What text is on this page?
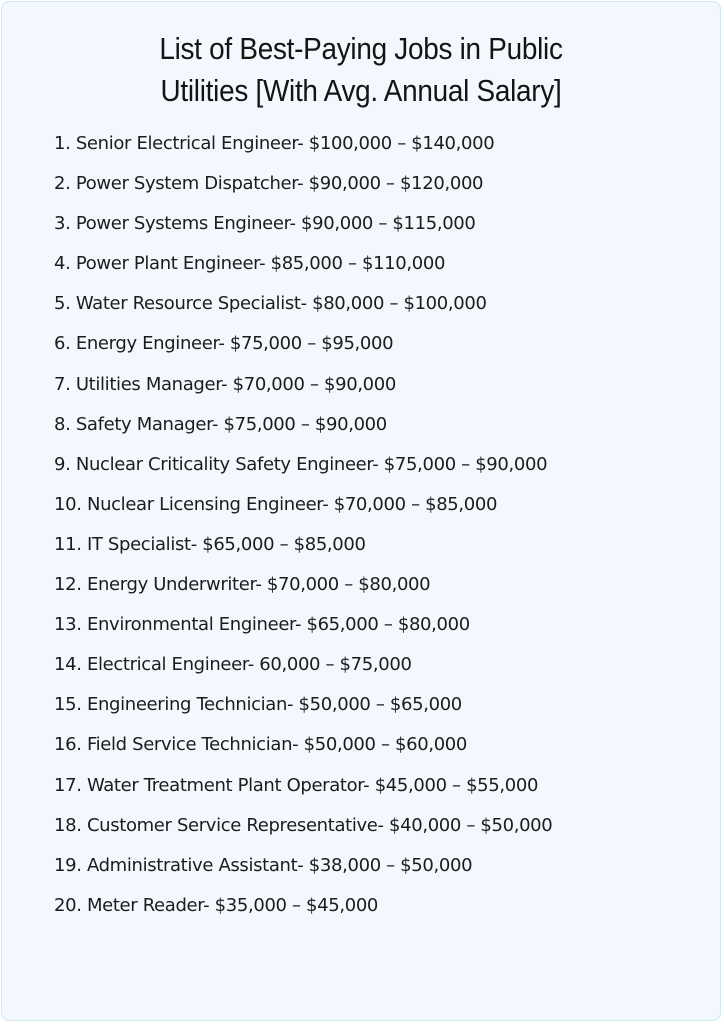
List of Best-Paying Jobs in Public
Utilities [With Avg. Annual Salary]
1. Senior Electrical Engineer- $100,000 – $140,000
2. Power System Dispatcher- $90,000 – $120,000
3. Power Systems Engineer- $90,000 – $115,000
4. Power Plant Engineer- $85,000 – $110,000
5. Water Resource Specialist- $80,000 – $100,000
6. Energy Engineer- $75,000 – $95,000
7. Utilities Manager- $70,000 – $90,000
8. Safety Manager- $75,000 – $90,000
9. Nuclear Criticality Safety Engineer- $75,000 – $90,000
10. Nuclear Licensing Engineer- $70,000 – $85,000
11. IT Specialist- $65,000 – $85,000
12. Energy Underwriter- $70,000 – $80,000
13. Environmental Engineer- $65,000 – $80,000
14. Electrical Engineer- 60,000 – $75,000
15. Engineering Technician- $50,000 – $65,000
16. Field Service Technician- $50,000 – $60,000
17. Water Treatment Plant Operator- $45,000 – $55,000
18. Customer Service Representative- $40,000 – $50,000
19. Administrative Assistant- $38,000 – $50,000
20. Meter Reader- $35,000 – $45,000
